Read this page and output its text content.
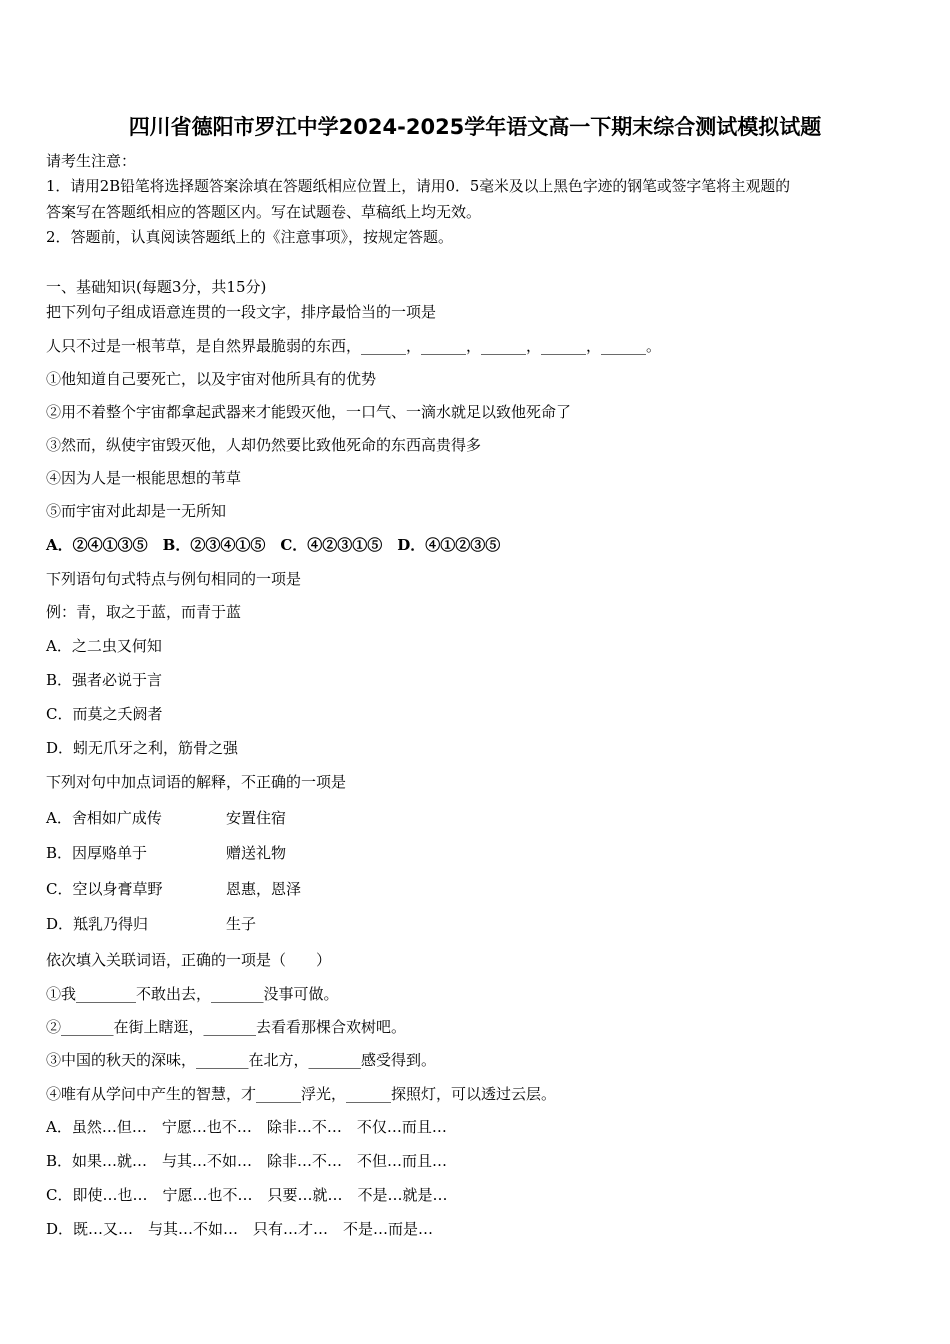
四川省德阳市罗江中学2024-2025学年语文高一下期末综合测试模拟试题
请考生注意：
1．请用2B铅笔将选择题答案涂填在答题纸相应位置上，请用0．5毫米及以上黑色字迹的钢笔或签字笔将主观题的
答案写在答题纸相应的答题区内。写在试题卷、草稿纸上均无效。
2．答题前，认真阅读答题纸上的《注意事项》，按规定答题。
一、基础知识(每题3分，共15分)
把下列句子组成语意连贯的一段文字，排序最恰当的一项是
人只不过是一根苇草，是自然界最脆弱的东西，______，______，______，______，______。
①他知道自己要死亡，以及宇宙对他所具有的优势
②用不着整个宇宙都拿起武器来才能毁灭他，一口气、一滴水就足以致他死命了
③然而，纵使宇宙毁灭他，人却仍然要比致他死命的东西高贵得多
④因为人是一根能思想的苇草
⑤而宇宙对此却是一无所知
A．②④①③⑤　B．②③④①⑤　C．④②③①⑤　D．④①②③⑤
下列语句句式特点与例句相同的一项是
例：青，取之于蓝，而青于蓝
A．之二虫又何知
B．强者必说于言
C．而莫之夭阏者
D．蚓无爪牙之利，筋骨之强
下列对句中加点词语的解释，不正确的一项是
A．舍相如广成传	安置住宿
B．因厚赂单于	赠送礼物
C．空以身膏草野	恩惠，恩泽
D．羝乳乃得归	生子
依次填入关联词语，正确的一项是（　　）
①我________不敢出去，_______没事可做。
②_______在街上瞎逛，_______去看看那棵合欢树吧。
③中国的秋天的深味，_______在北方，_______感受得到。
④唯有从学问中产生的智慧，才______浮光，______探照灯，可以透过云层。
A．虽然…但…　宁愿…也不…　除非…不…　不仅…而且…
B．如果…就…　与其…不如…　除非…不…　不但…而且…
C．即使…也…　宁愿…也不…　只要…就…　不是…就是…
D．既…又…　与其…不如…　只有…才…　不是…而是…
